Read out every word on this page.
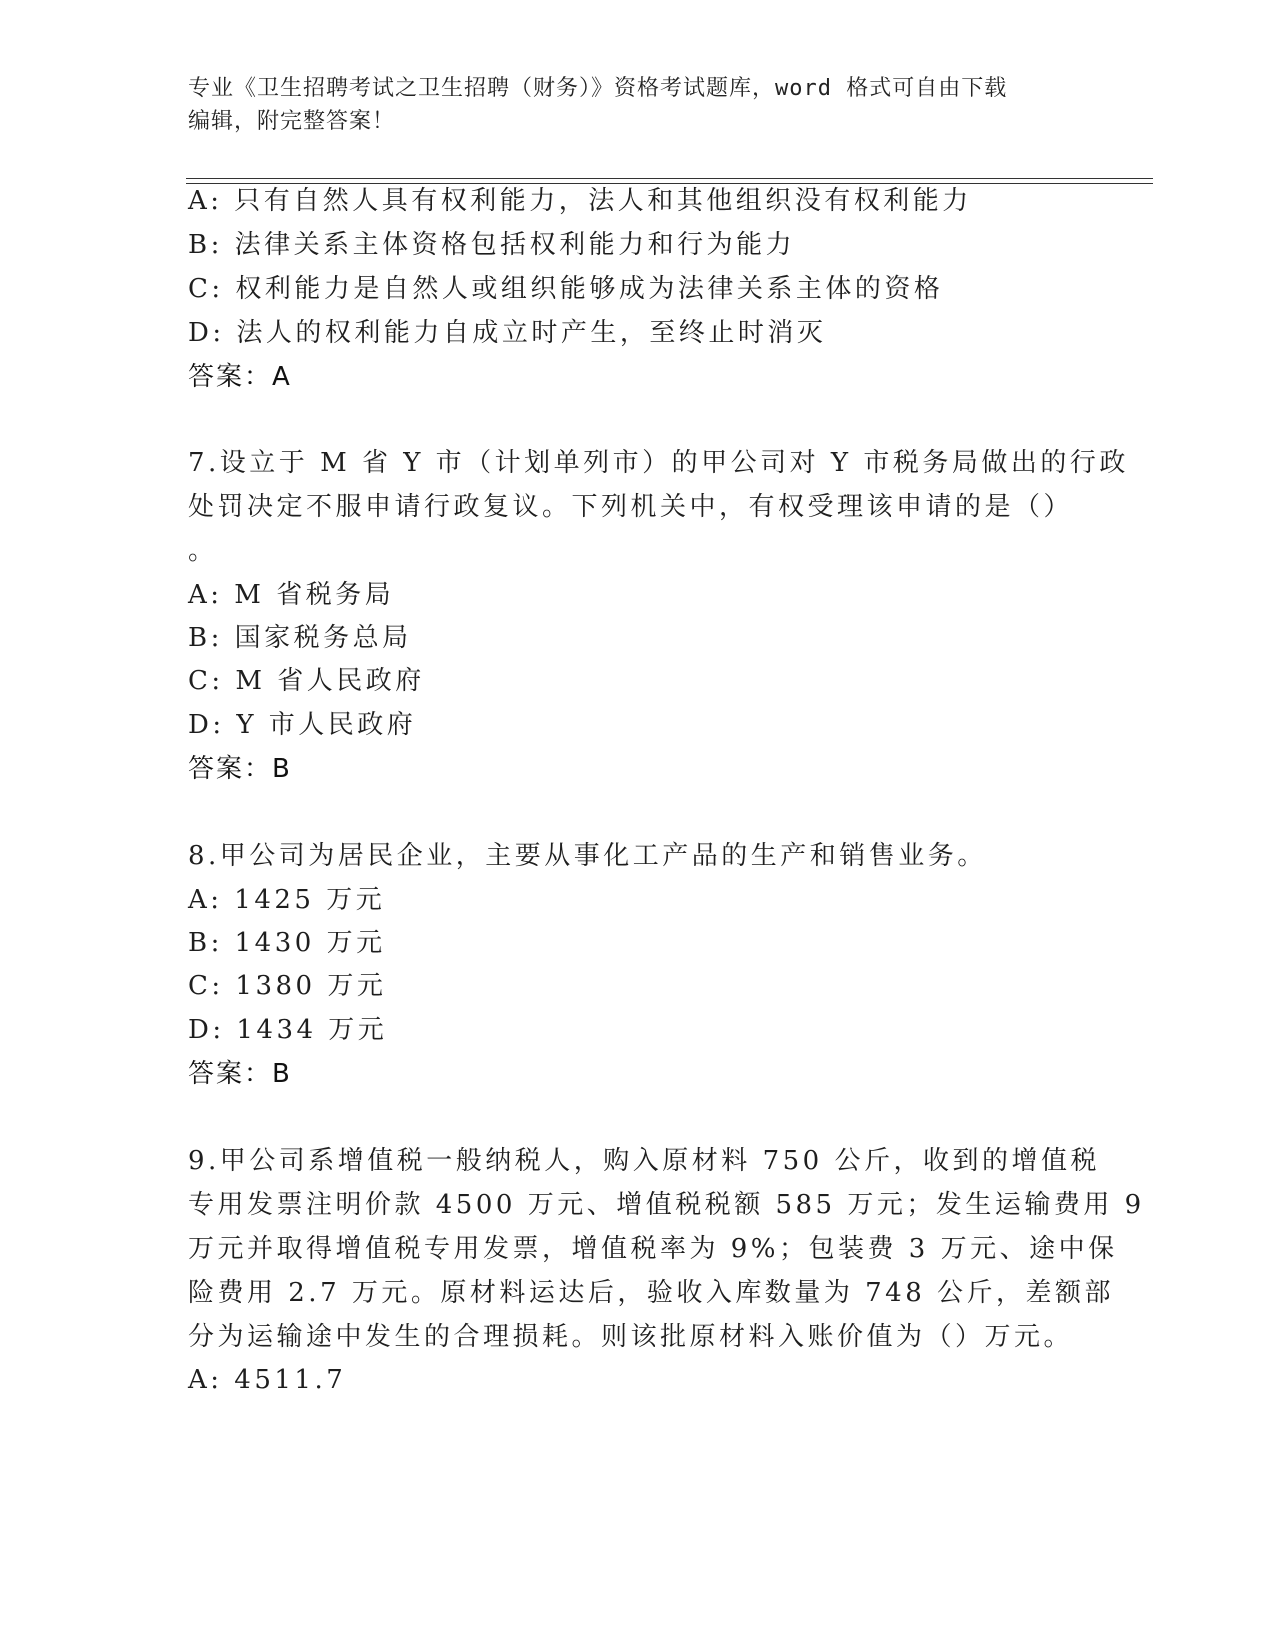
专业《卫生招聘考试之卫生招聘（财务）》资格考试题库，word 格式可自由下载
编辑，附完整答案！
A: 只有自然人具有权利能力，法人和其他组织没有权利能力
B: 法律关系主体资格包括权利能力和行为能力
C: 权利能力是自然人或组织能够成为法律关系主体的资格
D: 法人的权利能力自成立时产生，至终止时消灭
答案：A
7.设立于 M 省 Y 市（计划单列市）的甲公司对 Y 市税务局做出的行政
处罚决定不服申请行政复议。下列机关中，有权受理该申请的是（）
。
A: M 省税务局
B: 国家税务总局
C: M 省人民政府
D: Y 市人民政府
答案：B
8.甲公司为居民企业，主要从事化工产品的生产和销售业务。
A: 1425 万元
B: 1430 万元
C: 1380 万元
D: 1434 万元
答案：B
9.甲公司系增值税一般纳税人，购入原材料 750 公斤，收到的增值税
专用发票注明价款 4500 万元、增值税税额 585 万元；发生运输费用 9
万元并取得增值税专用发票，增值税率为 9%；包装费 3 万元、途中保
险费用 2.7 万元。原材料运达后，验收入库数量为 748 公斤，差额部
分为运输途中发生的合理损耗。则该批原材料入账价值为（）万元。
A: 4511.7
